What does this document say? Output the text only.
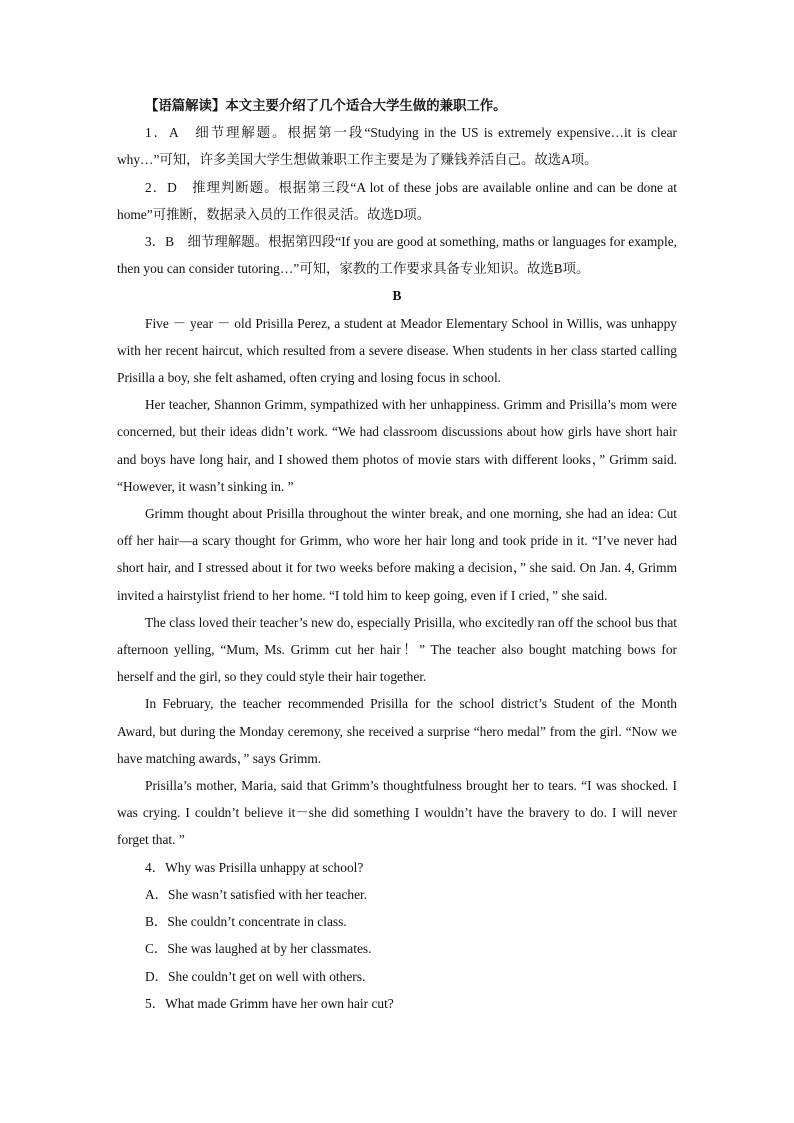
【语篇解读】本文主要介绍了几个适合大学生做的兼职工作。

1．A　细节理解题。根据第一段“Studying in the US is extremely expensive…it is clear why…”可知，许多美国大学生想做兼职工作主要是为了赚钱养活自己。故选A项。

2．D　推理判断题。根据第三段“A lot of these jobs are available online and can be done at home”可推断，数据录入员的工作很灵活。故选D项。

3．B　细节理解题。根据第四段“If you are good at something, maths or languages for example, then you can consider tutoring…”可知，家教的工作要求具备专业知识。故选B项。

B

Five － year － old Prisilla Perez, a student at Meador Elementary School in Willis, was unhappy with her recent haircut, which resulted from a severe disease. When students in her class started calling Prisilla a boy, she felt ashamed, often crying and losing focus in school.

Her teacher, Shannon Grimm, sympathized with her unhappiness. Grimm and Prisilla’s mom were concerned, but their ideas didn’t work. “We had classroom discussions about how girls have short hair and boys have long hair, and I showed them photos of movie stars with different looks，” Grimm said. “However, it wasn’t sinking in. ”

Grimm thought about Prisilla throughout the winter break, and one morning, she had an idea: Cut off her hair—a scary thought for Grimm, who wore her hair long and took pride in it. “I’ve never had short hair, and I stressed about it for two weeks before making a decision，” she said. On Jan. 4, Grimm invited a hairstylist friend to her home. “I told him to keep going, even if I cried，” she said.

The class loved their teacher’s new do, especially Prisilla, who excitedly ran off the school bus that afternoon yelling, “Mum, Ms. Grimm cut her hair！” The teacher also bought matching bows for herself and the girl, so they could style their hair together.

In February, the teacher recommended Prisilla for the school district’s Student of the Month Award, but during the Monday ceremony, she received a surprise “hero medal” from the girl. “Now we have matching awards，” says Grimm.

Prisilla’s mother, Maria, said that Grimm’s thoughtfulness brought her to tears. “I was shocked. I was crying. I couldn’t believe it－she did something I wouldn’t have the bravery to do. I will never forget that. ”

4．Why was Prisilla unhappy at school?

A．She wasn’t satisfied with her teacher.

B．She couldn’t concentrate in class.

C．She was laughed at by her classmates.

D．She couldn’t get on well with others.

5．What made Grimm have her own hair cut?
